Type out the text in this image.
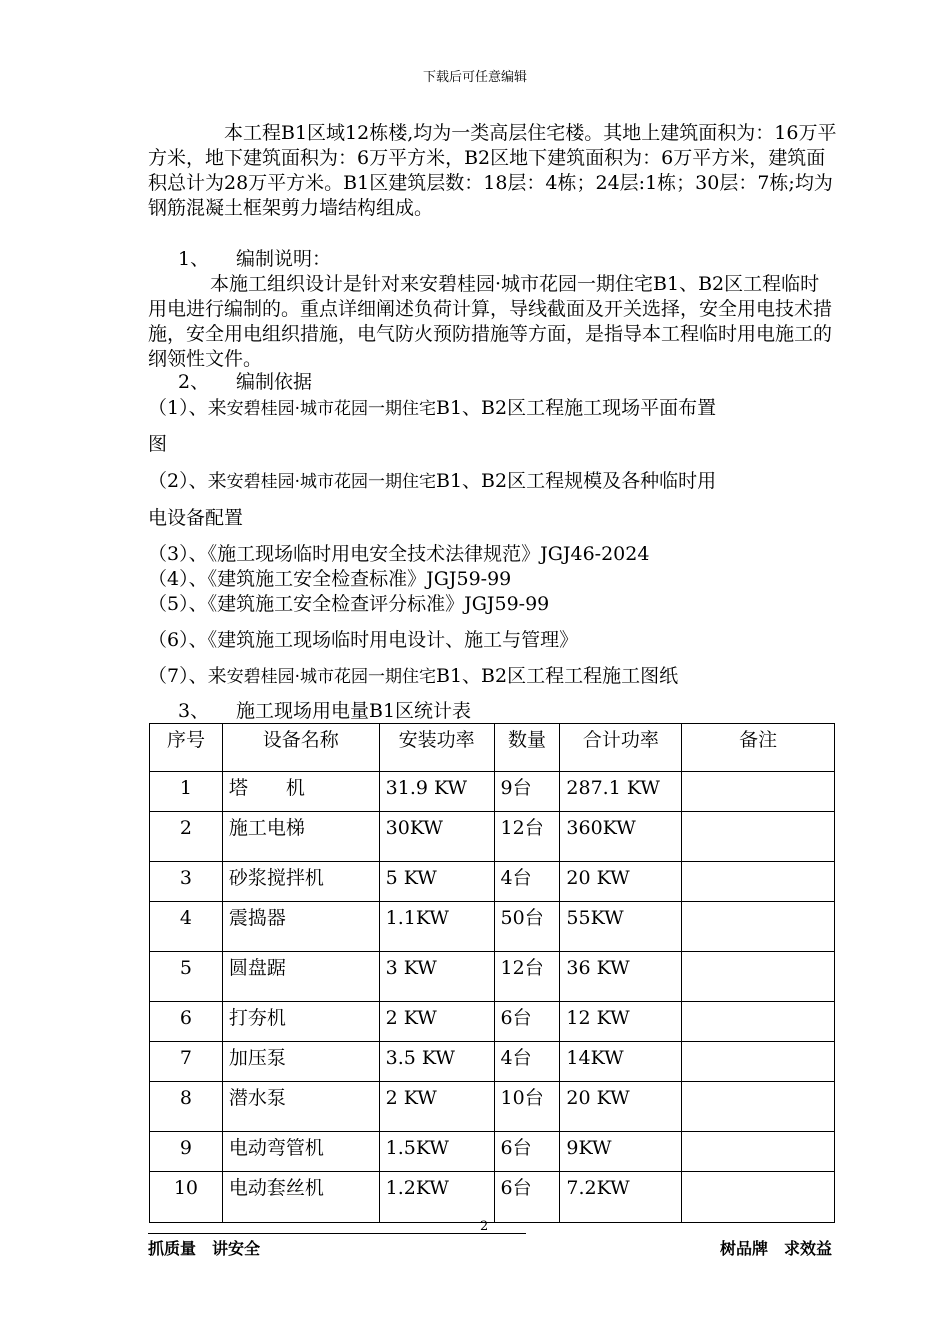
下载后可任意编辑
本工程B1区域12栋楼,均为一类高层住宅楼。其地上建筑面积为：16万平方米，地下建筑面积为：6万平方米，B2区地下建筑面积为：6万平方米，建筑面积总计为28万平方米。B1区建筑层数：18层：4栋；24层:1栋；30层：7栋;均为钢筋混凝土框架剪力墙结构组成。
1、 编制说明：
本施工组织设计是针对来安碧桂园·城市花园一期住宅B1、B2区工程临时用电进行编制的。重点详细阐述负荷计算，导线截面及开关选择，安全用电技术措施，安全用电组织措施，电气防火预防措施等方面，是指导本工程临时用电施工的纲领性文件。
2、 编制依据
（1）、来安碧桂园·城市花园一期住宅B1、B2区工程施工现场平面布置
图
（2）、来安碧桂园·城市花园一期住宅B1、B2区工程规模及各种临时用
电设备配置
（3）、《施工现场临时用电安全技术法律规范》JGJ46-2024
（4）、《建筑施工安全检查标准》JGJ59-99
（5）、《建筑施工安全检查评分标准》JGJ59-99
（6）、《建筑施工现场临时用电设计、施工与管理》
（7）、来安碧桂园·城市花园一期住宅B1、B2区工程工程施工图纸
3、 施工现场用电量B1区统计表
序号	设备名称	安装功率	数量	合计功率	备注
1	塔　　机	31.9 KW	9台	287.1 KW	
2	施工电梯	30KW	12台	360KW	
3	砂浆搅拌机	5 KW	4台	20 KW	
4	震捣器	1.1KW	50台	55KW	
5	圆盘踞	3 KW	12台	36 KW	
6	打夯机	2 KW	6台	12 KW	
7	加压泵	3.5 KW	4台	14KW	
8	潜水泵	2 KW	10台	20 KW	
9	电动弯管机	1.5KW	6台	9KW	
10	电动套丝机	1.2KW	6台	7.2KW	
2
抓质量　讲安全	树品牌　求效益
